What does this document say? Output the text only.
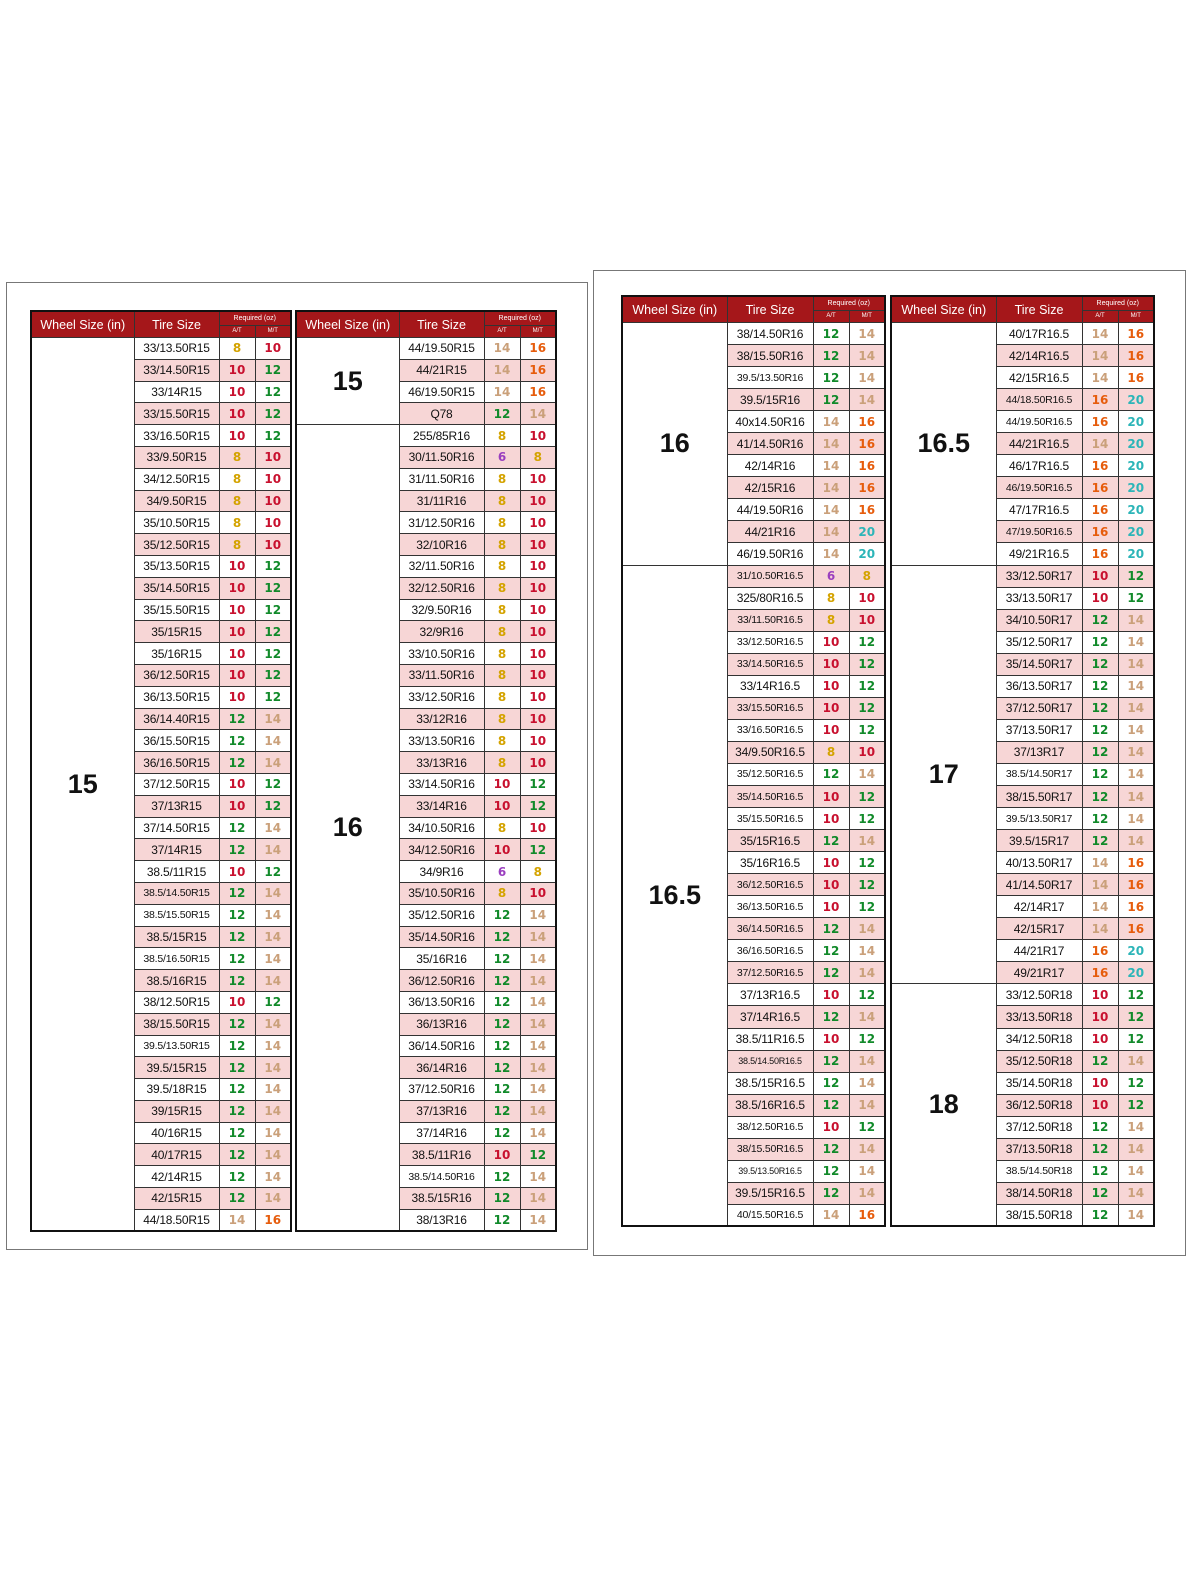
Wheel Size (in)	Tire Size	Required (oz)	
		A/T	M/T
15	33/13.50R15	8	10
	33/14.50R15	10	12
	33/14R15	10	12
	33/15.50R15	10	12
	33/16.50R15	10	12
	33/9.50R15	8	10
	34/12.50R15	8	10
	34/9.50R15	8	10
	35/10.50R15	8	10
	35/12.50R15	8	10
	35/13.50R15	10	12
	35/14.50R15	10	12
	35/15.50R15	10	12
	35/15R15	10	12
	35/16R15	10	12
	36/12.50R15	10	12
	36/13.50R15	10	12
	36/14.40R15	12	14
	36/15.50R15	12	14
	36/16.50R15	12	14
	37/12.50R15	10	12
	37/13R15	10	12
	37/14.50R15	12	14
	37/14R15	12	14
	38.5/11R15	10	12
	38.5/14.50R15	12	14
	38.5/15.50R15	12	14
	38.5/15R15	12	14
	38.5/16.50R15	12	14
	38.5/16R15	12	14
	38/12.50R15	10	12
	38/15.50R15	12	14
	39.5/13.50R15	12	14
	39.5/15R15	12	14
	39.5/18R15	12	14
	39/15R15	12	14
	40/16R15	12	14
	40/17R15	12	14
	42/14R15	12	14
	42/15R15	12	14
	44/18.50R15	14	16
Wheel Size (in)	Tire Size	Required (oz)	
		A/T	M/T
15	44/19.50R15	14	16
	44/21R15	14	16
	46/19.50R15	14	16
	Q78	12	14
16	255/85R16	8	10
	30/11.50R16	6	8
	31/11.50R16	8	10
	31/11R16	8	10
	31/12.50R16	8	10
	32/10R16	8	10
	32/11.50R16	8	10
	32/12.50R16	8	10
	32/9.50R16	8	10
	32/9R16	8	10
	33/10.50R16	8	10
	33/11.50R16	8	10
	33/12.50R16	8	10
	33/12R16	8	10
	33/13.50R16	8	10
	33/13R16	8	10
	33/14.50R16	10	12
	33/14R16	10	12
	34/10.50R16	8	10
	34/12.50R16	10	12
	34/9R16	6	8
	35/10.50R16	8	10
	35/12.50R16	12	14
	35/14.50R16	12	14
	35/16R16	12	14
	36/12.50R16	12	14
	36/13.50R16	12	14
	36/13R16	12	14
	36/14.50R16	12	14
	36/14R16	12	14
	37/12.50R16	12	14
	37/13R16	12	14
	37/14R16	12	14
	38.5/11R16	10	12
	38.5/14.50R16	12	14
	38.5/15R16	12	14
	38/13R16	12	14
Wheel Size (in)	Tire Size	Required (oz)	
		A/T	M/T
16	38/14.50R16	12	14
	38/15.50R16	12	14
	39.5/13.50R16	12	14
	39.5/15R16	12	14
	40x14.50R16	14	16
	41/14.50R16	14	16
	42/14R16	14	16
	42/15R16	14	16
	44/19.50R16	14	16
	44/21R16	14	20
	46/19.50R16	14	20
16.5	31/10.50R16.5	6	8
	325/80R16.5	8	10
	33/11.50R16.5	8	10
	33/12.50R16.5	10	12
	33/14.50R16.5	10	12
	33/14R16.5	10	12
	33/15.50R16.5	10	12
	33/16.50R16.5	10	12
	34/9.50R16.5	8	10
	35/12.50R16.5	12	14
	35/14.50R16.5	10	12
	35/15.50R16.5	10	12
	35/15R16.5	12	14
	35/16R16.5	10	12
	36/12.50R16.5	10	12
	36/13.50R16.5	10	12
	36/14.50R16.5	12	14
	36/16.50R16.5	12	14
	37/12.50R16.5	12	14
	37/13R16.5	10	12
	37/14R16.5	12	14
	38.5/11R16.5	10	12
	38.5/14.50R16.5	12	14
	38.5/15R16.5	12	14
	38.5/16R16.5	12	14
	38/12.50R16.5	10	12
	38/15.50R16.5	12	14
	39.5/13.50R16.5	12	14
	39.5/15R16.5	12	14
	40/15.50R16.5	14	16
Wheel Size (in)	Tire Size	Required (oz)	
		A/T	M/T
16.5	40/17R16.5	14	16
	42/14R16.5	14	16
	42/15R16.5	14	16
	44/18.50R16.5	16	20
	44/19.50R16.5	16	20
	44/21R16.5	14	20
	46/17R16.5	16	20
	46/19.50R16.5	16	20
	47/17R16.5	16	20
	47/19.50R16.5	16	20
	49/21R16.5	16	20
17	33/12.50R17	10	12
	33/13.50R17	10	12
	34/10.50R17	12	14
	35/12.50R17	12	14
	35/14.50R17	12	14
	36/13.50R17	12	14
	37/12.50R17	12	14
	37/13.50R17	12	14
	37/13R17	12	14
	38.5/14.50R17	12	14
	38/15.50R17	12	14
	39.5/13.50R17	12	14
	39.5/15R17	12	14
	40/13.50R17	14	16
	41/14.50R17	14	16
	42/14R17	14	16
	42/15R17	14	16
	44/21R17	16	20
	49/21R17	16	20
18	33/12.50R18	10	12
	33/13.50R18	10	12
	34/12.50R18	10	12
	35/12.50R18	12	14
	35/14.50R18	10	12
	36/12.50R18	10	12
	37/12.50R18	12	14
	37/13.50R18	12	14
	38.5/14.50R18	12	14
	38/14.50R18	12	14
	38/15.50R18	12	14
